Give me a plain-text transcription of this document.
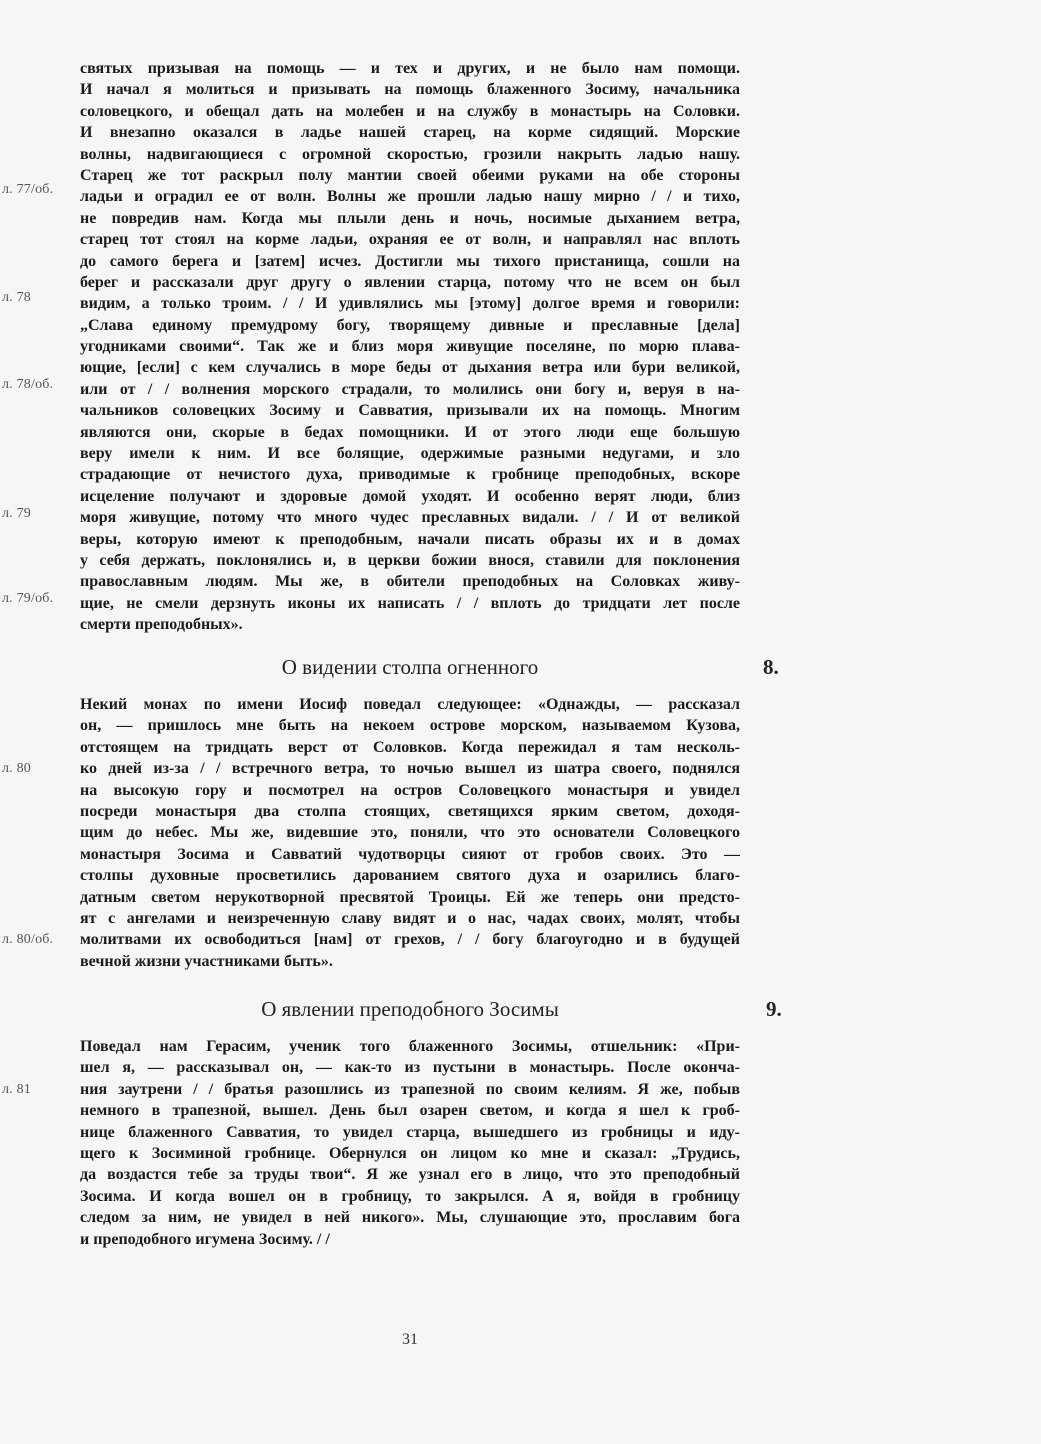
л. 77/об.
л. 78
л. 78/об.
л. 79
л. 79/об.
л. 80
л. 80/об.
л. 81
святых призывая на помощь — и тех и других, и не было нам помощи.
И начал я молиться и призывать на помощь блаженного Зосиму, начальника
соловецкого, и обещал дать на молебен и на службу в монастырь на Соловки.
И внезапно оказался в ладье нашей старец, на корме сидящий. Морские
волны, надвигающиеся с огромной скоростью, грозили накрыть ладью нашу.
Старец же тот раскрыл полу мантии своей обеими руками на обе стороны
ладьи и оградил ее от волн. Волны же прошли ладью нашу мирно / / и тихо,
не повредив нам. Когда мы плыли день и ночь, носимые дыханием ветра,
старец тот стоял на корме ладьи, охраняя ее от волн, и направлял нас вплоть
до самого берега и [затем] исчез. Достигли мы тихого пристанища, сошли на
берег и рассказали друг другу о явлении старца, потому что не всем он был
видим, а только троим. / / И удивлялись мы [этому] долгое время и говорили:
„Слава единому премудрому богу, творящему дивные и преславные [дела]
угодниками своими“. Так же и близ моря живущие поселяне, по морю плава-
ющие, [если] с кем случались в море беды от дыхания ветра или бури великой,
или от / / волнения морского страдали, то молились они богу и, веруя в на-
чальников соловецких Зосиму и Савватия, призывали их на помощь. Многим
являются они, скорые в бедах помощники. И от этого люди еще большую
веру имели к ним. И все болящие, одержимые разными недугами, и зло
страдающие от нечистого духа, приводимые к гробнице преподобных, вскоре
исцеление получают и здоровые домой уходят. И особенно верят люди, близ
моря живущие, потому что много чудес преславных видали. / / И от великой
веры, которую имеют к преподобным, начали писать образы их и в домах
у себя держать, поклонялись и, в церкви божии внося, ставили для поклонения
православным людям. Мы же, в обители преподобных на Соловках живу-
щие, не смели дерзнуть иконы их написать / / вплоть до тридцати лет после
смерти преподобных».
О видении столпа огненного	8.
Некий монах по имени Иосиф поведал следующее: «Однажды, — рассказал
он, — пришлось мне быть на некоем острове морском, называемом Кузова,
отстоящем на тридцать верст от Соловков. Когда пережидал я там несколь-
ко дней из-за / / встречного ветра, то ночью вышел из шатра своего, поднялся
на высокую гору и посмотрел на остров Соловецкого монастыря и увидел
посреди монастыря два столпа стоящих, светящихся ярким светом, доходя-
щим до небес. Мы же, видевшие это, поняли, что это основатели Соловецкого
монастыря Зосима и Савватий чудотворцы сияют от гробов своих. Это —
столпы духовные просветились дарованием святого духа и озарились благо-
датным светом нерукотворной пресвятой Троицы. Ей же теперь они предсто-
ят с ангелами и неизреченную славу видят и о нас, чадах своих, молят, чтобы
молитвами их освободиться [нам] от грехов, / / богу благоугодно и в будущей
вечной жизни участниками быть».
О явлении преподобного Зосимы	9.
Поведал нам Герасим, ученик того блаженного Зосимы, отшельник: «При-
шел я, — рассказывал он, — как-то из пустыни в монастырь. После оконча-
ния заутрени / / братья разошлись из трапезной по своим келиям. Я же, побыв
немного в трапезной, вышел. День был озарен светом, и когда я шел к гроб-
нице блаженного Савватия, то увидел старца, вышедшего из гробницы и иду-
щего к Зосиминой гробнице. Обернулся он лицом ко мне и сказал: „Трудись,
да воздастся тебе за труды твои“. Я же узнал его в лицо, что это преподобный
Зосима. И когда вошел он в гробницу, то закрылся. А я, войдя в гробницу
следом за ним, не увидел в ней никого». Мы, слушающие это, прославим бога
и преподобного игумена Зосиму. / /
31
